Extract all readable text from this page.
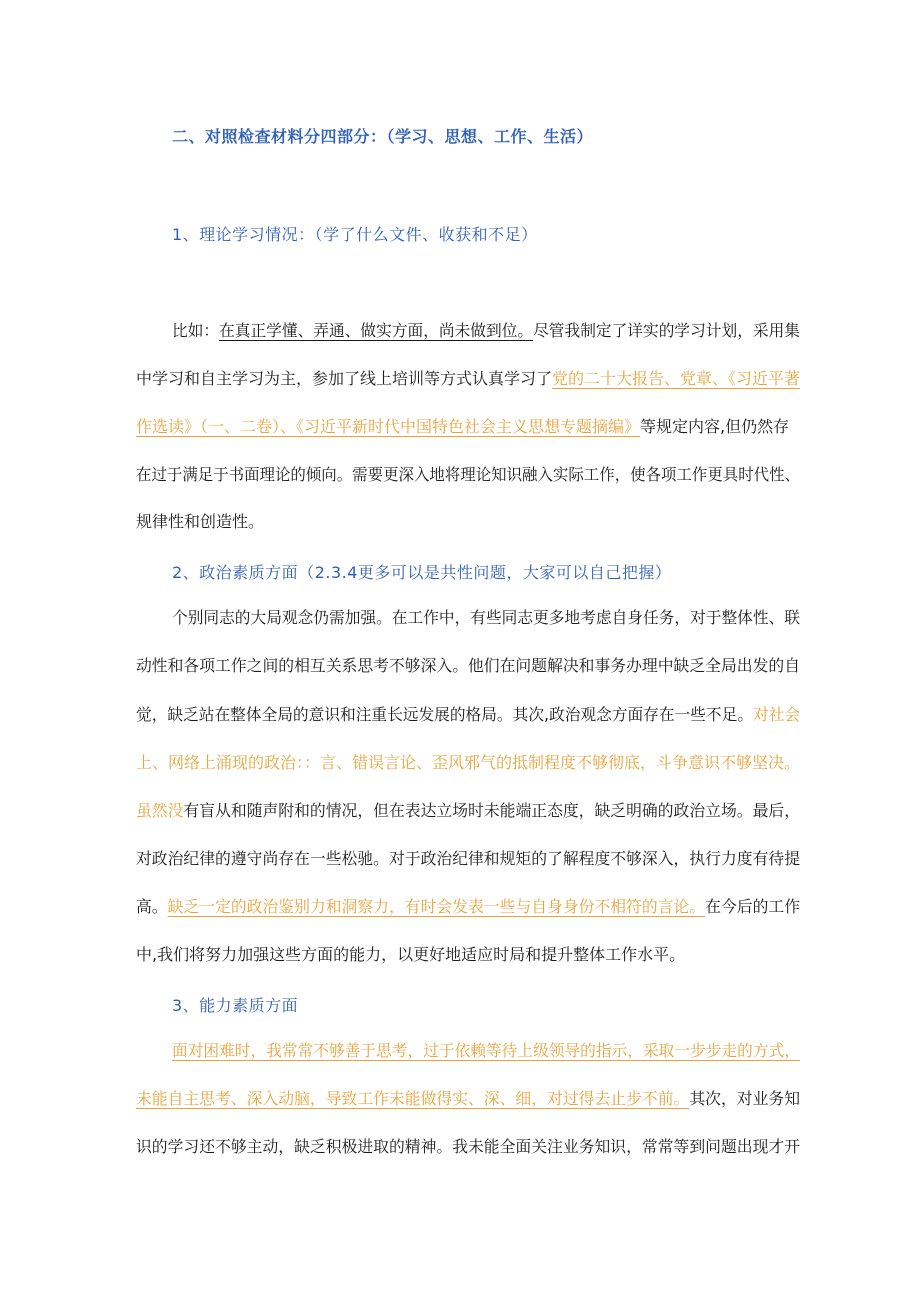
二、对照检查材料分四部分：（学习、思想、工作、生活）
1、理论学习情况：（学了什么文件、收获和不足）
比如：在真正学懂、弄通、做实方面，尚未做到位。尽管我制定了详实的学习计划，采用集
中学习和自主学习为主，参加了线上培训等方式认真学习了党的二十大报告、党章、《习近平著
作选读》（一、二卷）、《习近平新时代中国特色社会主义思想专题摘编》等规定内容,但仍然存
在过于满足于书面理论的倾向。需要更深入地将理论知识融入实际工作，使各项工作更具时代性、
规律性和创造性。
2、政治素质方面（2.3.4更多可以是共性问题，大家可以自己把握）
个别同志的大局观念仍需加强。在工作中，有些同志更多地考虑自身任务，对于整体性、联
动性和各项工作之间的相互关系思考不够深入。他们在问题解决和事务办理中缺乏全局出发的自
觉，缺乏站在整体全局的意识和注重长远发展的格局。其次,政治观念方面存在一些不足。对社会
上、网络上涌现的政治：：言、错误言论、歪风邪气的抵制程度不够彻底，斗争意识不够坚决。
虽然没有盲从和随声附和的情况，但在表达立场时未能端正态度，缺乏明确的政治立场。最后，
对政治纪律的遵守尚存在一些松驰。对于政治纪律和规矩的了解程度不够深入，执行力度有待提
高。缺乏一定的政治鉴别力和洞察力，有时会发表一些与自身身份不相符的言论。在今后的工作
中,我们将努力加强这些方面的能力，以更好地适应时局和提升整体工作水平。
3、能力素质方面
面对困难时，我常常不够善于思考，过于依赖等待上级领导的指示，采取一步步走的方式，
未能自主思考、深入动脑，导致工作未能做得实、深、细，对过得去止步不前。其次，对业务知
识的学习还不够主动，缺乏积极进取的精神。我未能全面关注业务知识，常常等到问题出现才开
